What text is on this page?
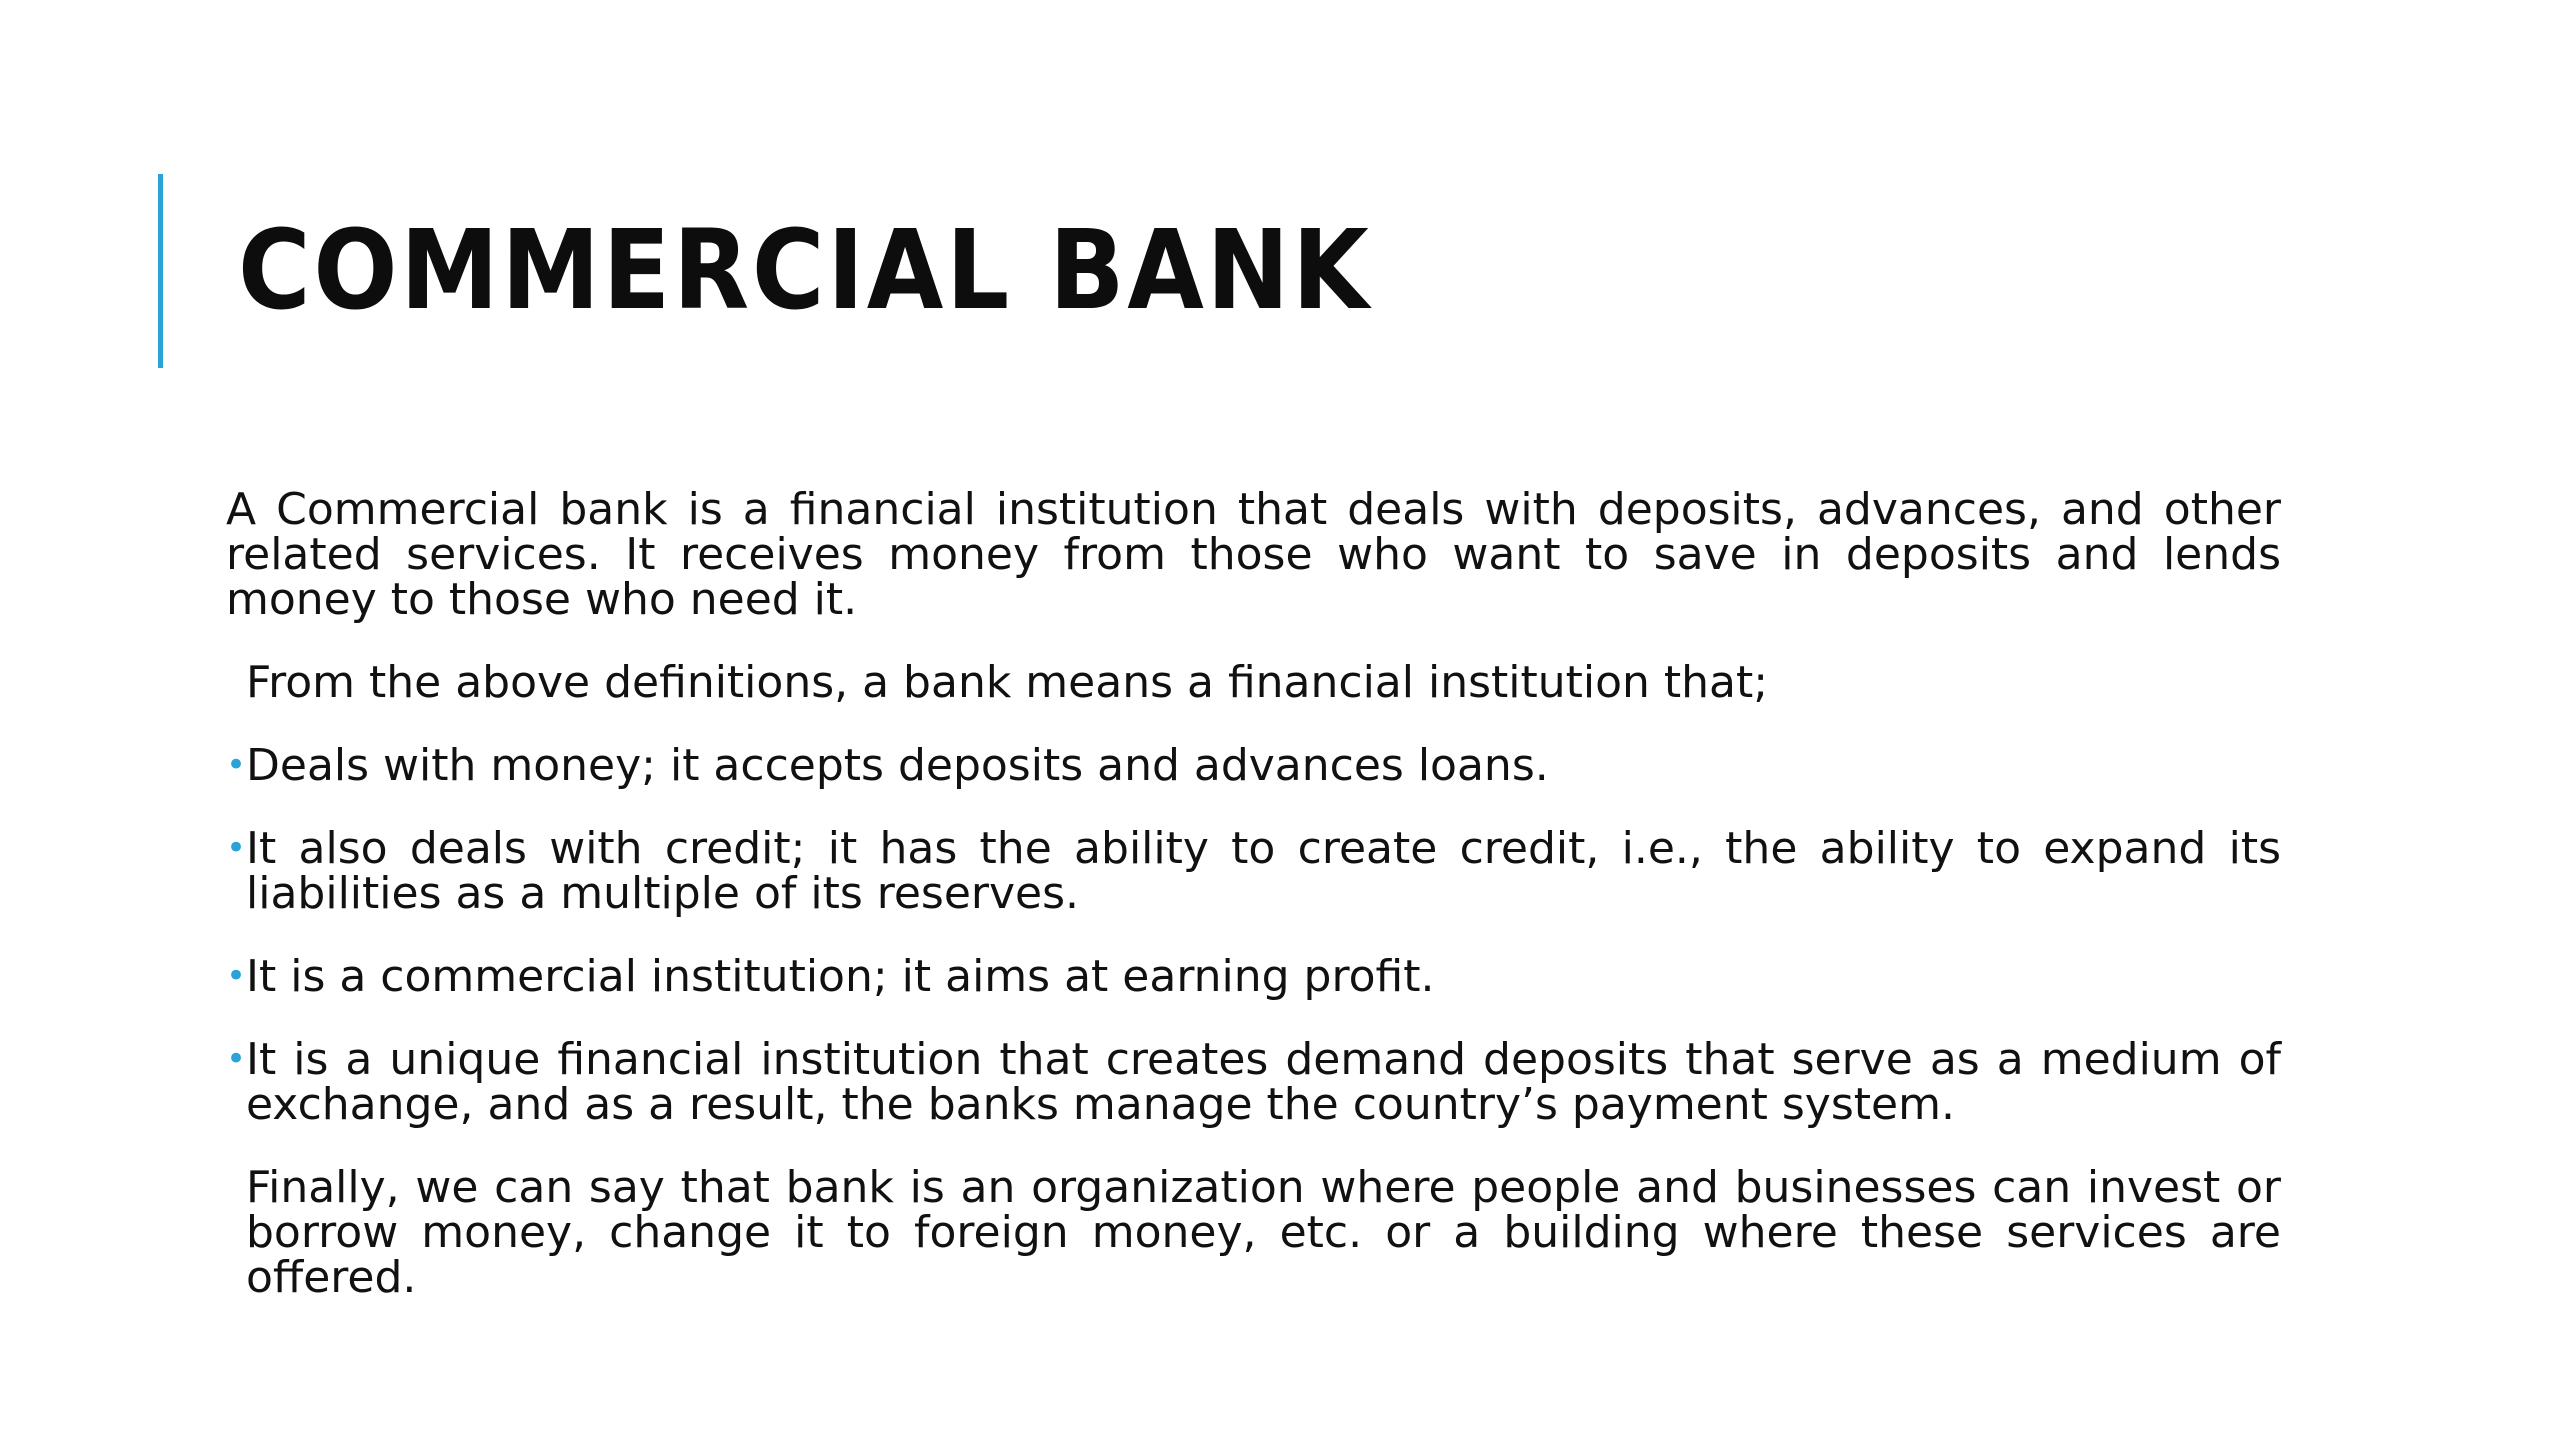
COMMERCIAL BANK

A Commercial bank is a financial institution that deals with deposits, advances, and other related services. It receives money from those who want to save in deposits and lends money to those who need it.

From the above definitions, a bank means a financial institution that;

• Deals with money; it accepts deposits and advances loans.
• It also deals with credit; it has the ability to create credit, i.e., the ability to expand its liabilities as a multiple of its reserves.
• It is a commercial institution; it aims at earning profit.
• It is a unique financial institution that creates demand deposits that serve as a medium of exchange, and as a result, the banks manage the country’s payment system.

Finally, we can say that bank is an organization where people and businesses can invest or borrow money, change it to foreign money, etc. or a building where these services are offered.
